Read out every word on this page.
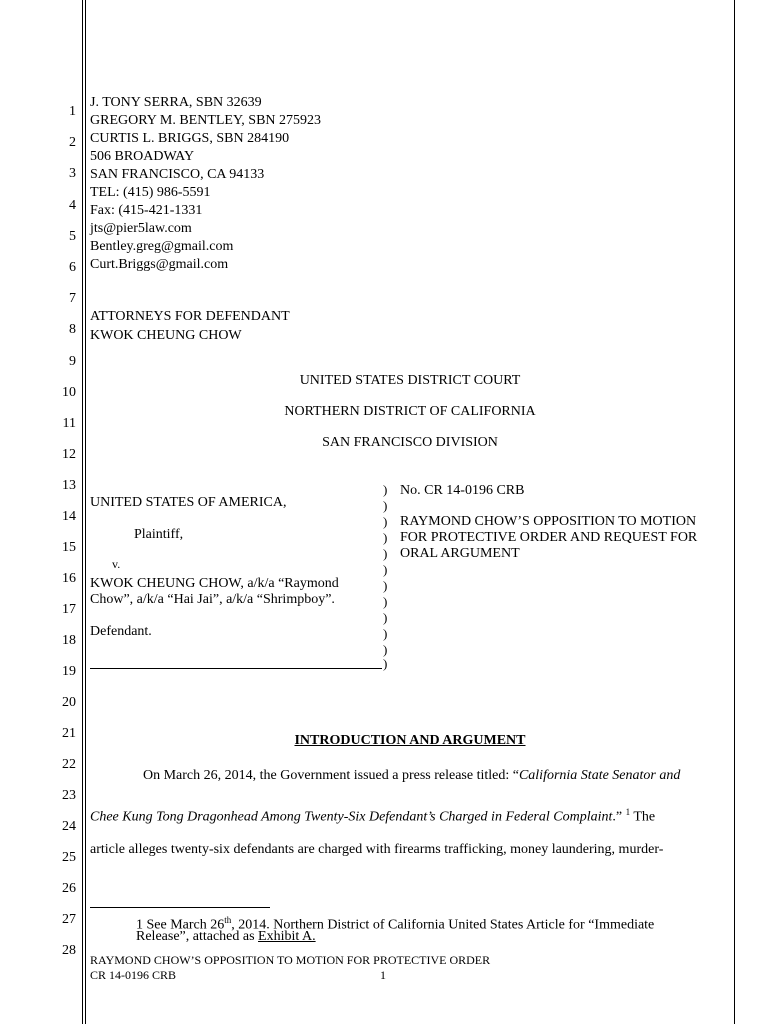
1
2
3
4
5
6
7
8
9
10
11
12
13
14
15
16
17
18
19
20
21
22
23
24
25
26
27
28
J. TONY SERRA, SBN 32639
GREGORY M. BENTLEY, SBN 275923
CURTIS L. BRIGGS, SBN 284190
506 BROADWAY
SAN FRANCISCO, CA 94133
TEL: (415) 986-5591
Fax: (415-421-1331
jts@pier5law.com
Bentley.greg@gmail.com
Curt.Briggs@gmail.com
ATTORNEYS FOR DEFENDANT
KWOK CHEUNG CHOW
UNITED STATES DISTRICT COURT
NORTHERN DISTRICT OF CALIFORNIA
SAN FRANCISCO DIVISION
UNITED STATES OF AMERICA,
Plaintiff,
v.
KWOK CHEUNG CHOW, a/k/a “Raymond
Chow”, a/k/a “Hai Jai”, a/k/a “Shrimpboy”.
Defendant.
)
)
)
)
)
)
)
)
)
)
)
)
No. CR 14-0196 CRB
RAYMOND CHOW’S OPPOSITION TO MOTION
FOR PROTECTIVE ORDER AND REQUEST FOR
ORAL ARGUMENT
INTRODUCTION AND ARGUMENT
On March 26, 2014, the Government issued a press release titled: “California State Senator and
Chee Kung Tong Dragonhead Among Twenty-Six Defendant’s Charged in Federal Complaint.” $^1$ The
article alleges twenty-six defendants are charged with firearms trafficking, money laundering, murder-
1 See March 26th, 2014. Northern District of California United States Article for “Immediate
Release”, attached as Exhibit A.
RAYMOND CHOW’S OPPOSITION TO MOTION FOR PROTECTIVE ORDER
CR 14-0196 CRB	1
